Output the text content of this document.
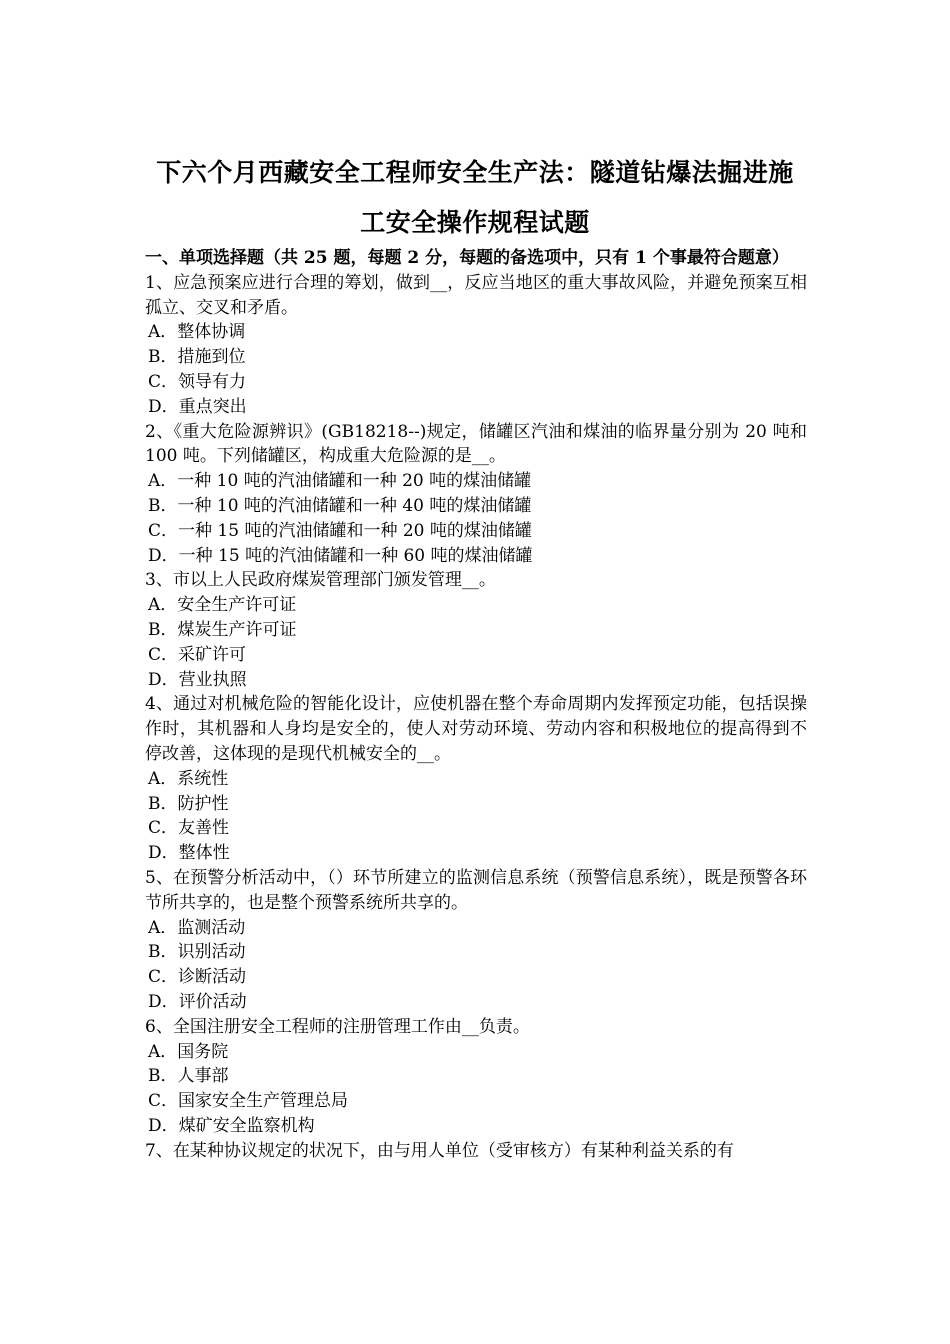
下六个月西藏安全工程师安全生产法：隧道钻爆法掘进施
工安全操作规程试题
一、单项选择题（共 25 题，每题 2 分，每题的备选项中，只有 1 个事最符合题意）
1、应急预案应进行合理的筹划，做到__，反应当地区的重大事故风险，并避免预案互相孤立、交叉和矛盾。
A．整体协调
B．措施到位
C．领导有力
D．重点突出
2、《重大危险源辨识》(GB18218--)规定，储罐区汽油和煤油的临界量分别为 20 吨和 100 吨。下列储罐区，构成重大危险源的是__。
A．一种 10 吨的汽油储罐和一种 20 吨的煤油储罐
B．一种 10 吨的汽油储罐和一种 40 吨的煤油储罐
C．一种 15 吨的汽油储罐和一种 20 吨的煤油储罐
D．一种 15 吨的汽油储罐和一种 60 吨的煤油储罐
3、市以上人民政府煤炭管理部门颁发管理__。
A．安全生产许可证
B．煤炭生产许可证
C．采矿许可
D．营业执照
4、通过对机械危险的智能化设计，应使机器在整个寿命周期内发挥预定功能，包括误操作时，其机器和人身均是安全的，使人对劳动环境、劳动内容和积极地位的提高得到不停改善，这体现的是现代机械安全的__。
A．系统性
B．防护性
C．友善性
D．整体性
5、在预警分析活动中，（）环节所建立的监测信息系统（预警信息系统），既是预警各环节所共享的，也是整个预警系统所共享的。
A．监测活动
B．识别活动
C．诊断活动
D．评价活动
6、全国注册安全工程师的注册管理工作由__负责。
A．国务院
B．人事部
C．国家安全生产管理总局
D．煤矿安全监察机构
7、在某种协议规定的状况下，由与用人单位（受审核方）有某种利益关系的有
